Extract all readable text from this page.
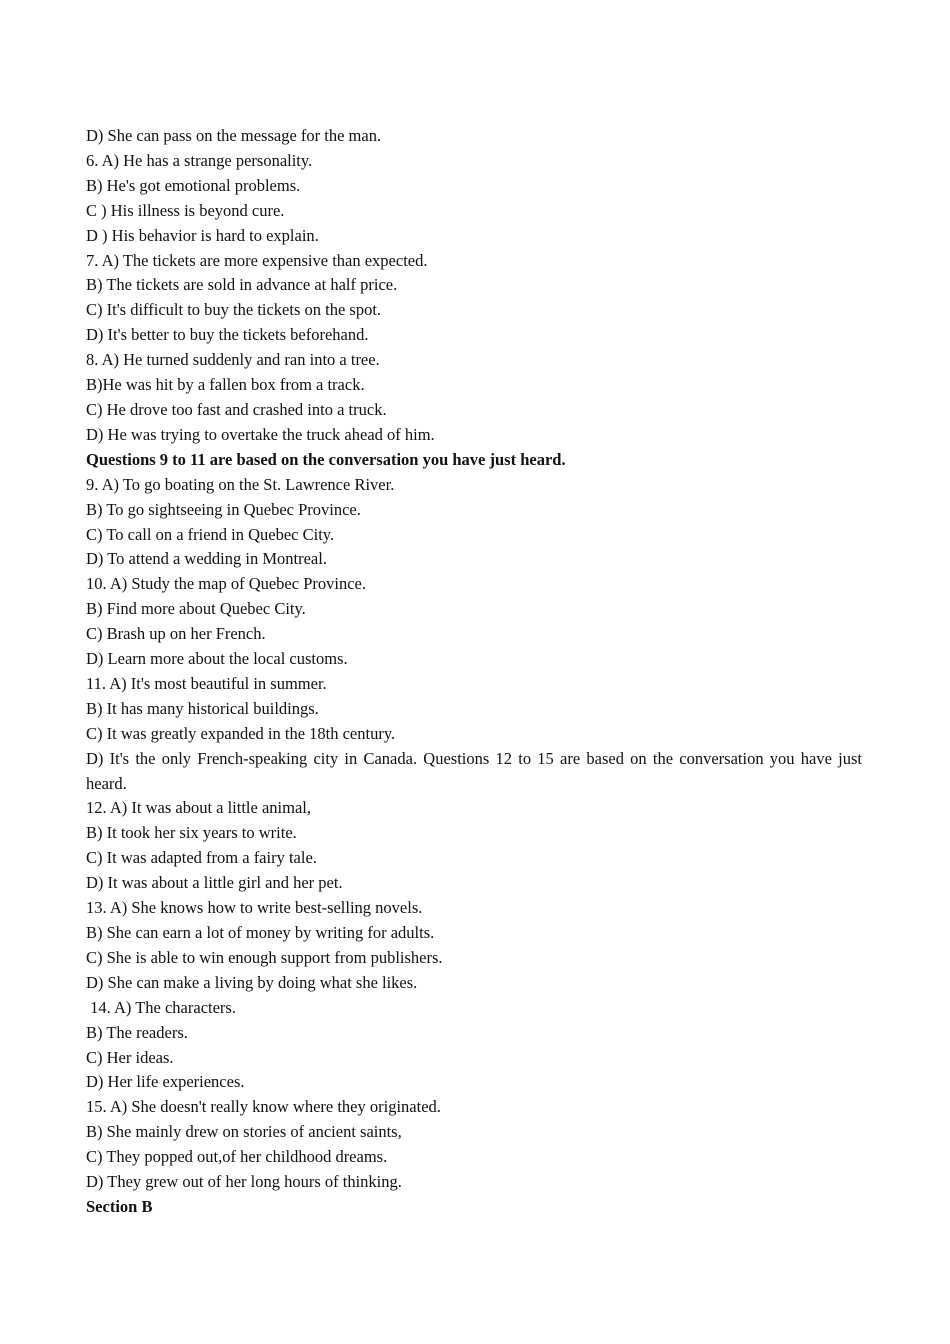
D) She can pass on the message for the man.

6. A) He has a strange personality.

B) He's got emotional problems.

C ) His illness is beyond cure.

D ) His behavior is hard to explain.

7. A) The tickets are more expensive than expected.

B) The tickets are sold in advance at half price.

C) It's difficult to buy the tickets on the spot.

D) It's better to buy the tickets beforehand.

8. A) He turned suddenly and ran into a tree.

B)He was hit by a fallen box from a track.

C) He drove too fast and crashed into a truck.

D) He was trying to overtake the truck ahead of him.

Questions 9 to 11 are based on the conversation you have just heard.

9. A) To go boating on the St. Lawrence River.

B) To go sightseeing in Quebec Province.

C) To call on a friend in Quebec City.

D) To attend a wedding in Montreal.

10. A) Study the map of Quebec Province.

B) Find more about Quebec City.

C) Brash up on her French.

D) Learn more about the local customs.

11. A) It's most beautiful in summer.

B) It has many historical buildings.

C) It was greatly expanded in the 18th century.

D) It's the only French-speaking city in Canada. Questions 12 to 15 are based on the conversation you have just heard.

12. A) It was about a little animal,

B) It took her six years to write.

C) It was adapted from a fairy tale.

D) It was about a little girl and her pet.

13. A) She knows how to write best-selling novels.

B) She can earn a lot of money by writing for adults.

C) She is able to win enough support from publishers.

D) She can make a living by doing what she likes.

14. A) The characters.

B) The readers.

C) Her ideas.

D) Her life experiences.

15. A) She doesn't really know where they originated.

B) She mainly drew on stories of ancient saints,

C) They popped out,of her childhood dreams.

D) They grew out of her long hours of thinking.

Section B
